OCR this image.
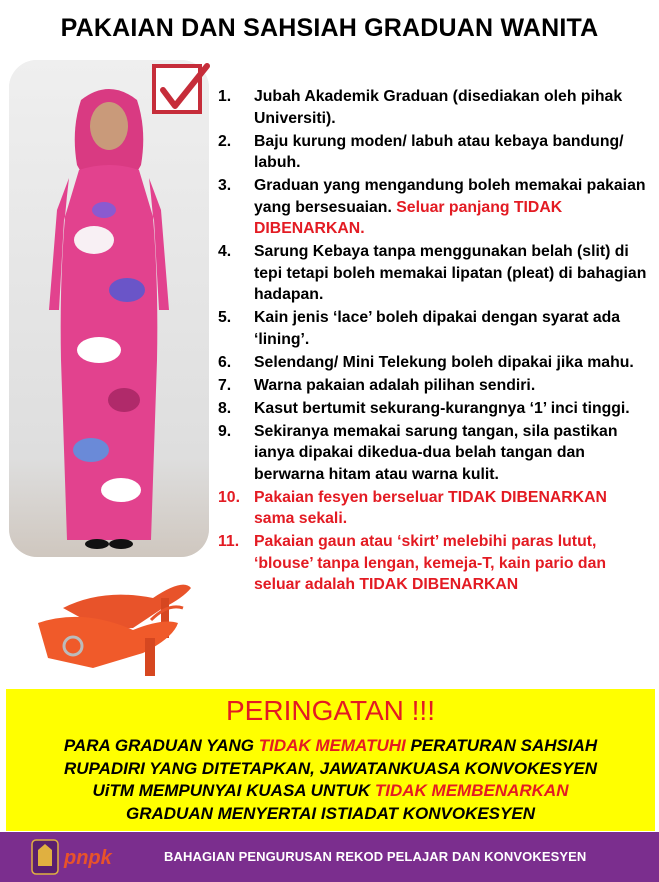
PAKAIAN DAN SAHSIAH GRADUAN WANITA
1.	Jubah Akademik Graduan (disediakan oleh pihak Universiti).
2.	Baju kurung moden/ labuh atau kebaya bandung/ labuh.
3.	Graduan yang mengandung boleh memakai pakaian yang bersesuaian. Seluar panjang TIDAK DIBENARKAN.
4.	Sarung Kebaya tanpa menggunakan belah (slit) di tepi tetapi boleh memakai lipatan (pleat) di bahagian hadapan.
5.	Kain jenis ‘lace’ boleh dipakai dengan syarat ada ‘lining’.
6.	Selendang/ Mini Telekung boleh dipakai jika mahu.
7.	Warna pakaian adalah pilihan sendiri.
8.	Kasut bertumit sekurang-kurangnya ‘1’ inci tinggi.
9.	Sekiranya memakai sarung tangan, sila pastikan ianya dipakai dikedua-dua belah tangan dan berwarna hitam atau warna kulit.
10. Pakaian fesyen berseluar TIDAK DIBENARKAN sama sekali.
11. Pakaian gaun atau ‘skirt’ melebihi paras lutut, ‘blouse’ tanpa lengan, kemeja-T, kain pario dan seluar adalah TIDAK DIBENARKAN
PERINGATAN !!!
PARA GRADUAN YANG TIDAK MEMATUHI PERATURAN SAHSIAH
RUPADIRI YANG DITETAPKAN, JAWATANKUASA KONVOKESYEN
UiTM MEMPUNYAI KUASA UNTUK TIDAK MEMBENARKAN
GRADUAN MENYERTAI ISTIADAT KONVOKESYEN
pnpk	BAHAGIAN PENGURUSAN REKOD PELAJAR DAN KONVOKESYEN
